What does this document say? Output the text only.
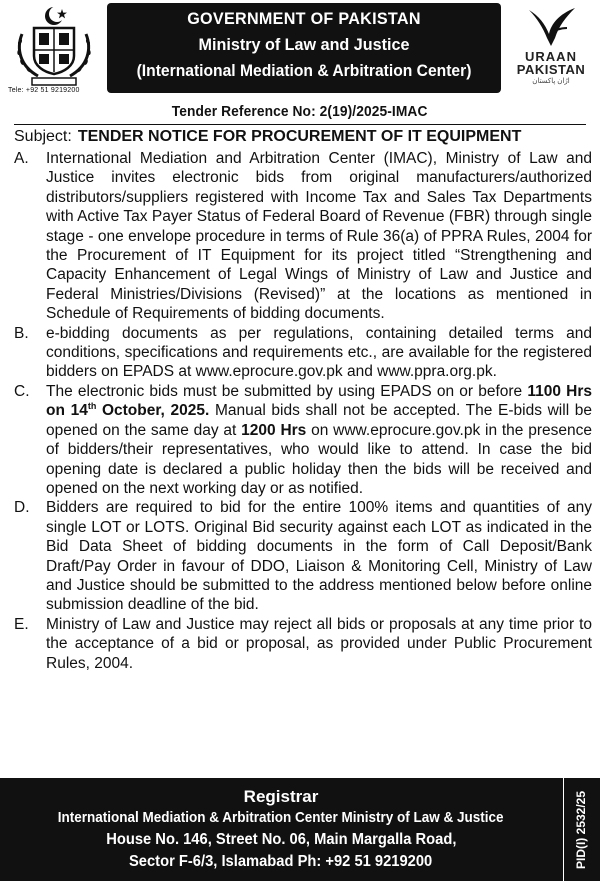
Tele: +92 51 9219200
GOVERNMENT OF PAKISTAN
Ministry of Law and Justice
(International Mediation & Arbitration Center)
URAAN
PAKISTAN
ارُان پاکستان
Tender Reference No: 2(19)/2025-IMAC
Subject: TENDER NOTICE FOR PROCUREMENT OF IT EQUIPMENT
A. International Mediation and Arbitration Center (IMAC), Ministry of Law and Justice invites electronic bids from original manufacturers/authorized distributors/suppliers registered with Income Tax and Sales Tax Departments with Active Tax Payer Status of Federal Board of Revenue (FBR) through single stage - one envelope procedure in terms of Rule 36(a) of PPRA Rules, 2004 for the Procurement of IT Equipment for its project titled “Strengthening and Capacity Enhancement of Legal Wings of Ministry of Law and Justice and Federal Ministries/Divisions (Revised)” at the locations as mentioned in Schedule of Requirements of bidding documents.
B. e-bidding documents as per regulations, containing detailed terms and conditions, specifications and requirements etc., are available for the registered bidders on EPADS at www.eprocure.gov.pk and www.ppra.org.pk.
C. The electronic bids must be submitted by using EPADS on or before 1100 Hrs on 14th October, 2025. Manual bids shall not be accepted. The E-bids will be opened on the same day at 1200 Hrs on www.eprocure.gov.pk in the presence of bidders/their representatives, who would like to attend. In case the bid opening date is declared a public holiday then the bids will be received and opened on the next working day or as notified.
D. Bidders are required to bid for the entire 100% items and quantities of any single LOT or LOTS. Original Bid security against each LOT as indicated in the Bid Data Sheet of bidding documents in the form of Call Deposit/Bank Draft/Pay Order in favour of DDO, Liaison & Monitoring Cell, Ministry of Law and Justice should be submitted to the address mentioned below before online submission deadline of the bid.
E. Ministry of Law and Justice may reject all bids or proposals at any time prior to the acceptance of a bid or proposal, as provided under Public Procurement Rules, 2004.
Registrar
International Mediation & Arbitration Center Ministry of Law & Justice
House No. 146, Street No. 06, Main Margalla Road,
Sector F-6/3, Islamabad Ph: +92 51 9219200	PID(I) 2532/25
